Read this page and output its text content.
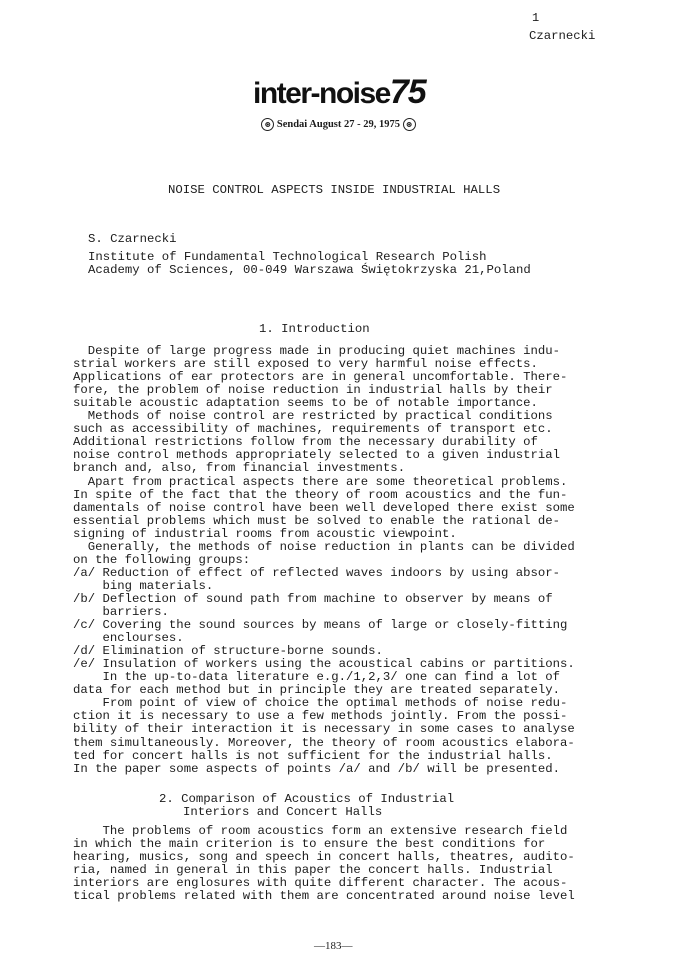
1
Czarnecki
inter-noise75

⊛ Sendai August 27 - 29, 1975 ⊛

NOISE CONTROL ASPECTS INSIDE INDUSTRIAL HALLS
S. Czarnecki
Institute of Fundamental Technological Research Polish
Academy of Sciences, 00-049 Warszawa Świętokrzyska 21,Poland
1. Introduction
Despite of large progress made in producing quiet machines indu-
strial workers are still exposed to very harmful noise effects.
Applications of ear protectors are in general uncomfortable. There-
fore, the problem of noise reduction in industrial halls by their
suitable acoustic adaptation seems to be of notable importance.
Methods of noise control are restricted by practical conditions
such as accessibility of machines, requirements of transport etc.
Additional restrictions follow from the necessary durability of
noise control methods appropriately selected to a given industrial
branch and, also, from financial investments.
Apart from practical aspects there are some theoretical problems.
In spite of the fact that the theory of room acoustics and the fun-
damentals of noise control have been well developed there exist some
essential problems which must be solved to enable the rational de-
signing of industrial rooms from acoustic viewpoint.
Generally, the methods of noise reduction in plants can be divided
on the following groups:
/a/ Reduction of effect of reflected waves indoors by using absor-
bing materials.
/b/ Deflection of sound path from machine to observer by means of
barriers.
/c/ Covering the sound sources by means of large or closely-fitting
enclourses.
/d/ Elimination of structure-borne sounds.
/e/ Insulation of workers using the acoustical cabins or partitions.
In the up-to-data literature e.g./1,2,3/ one can find a lot of
data for each method but in principle they are treated separately.
From point of view of choice the optimal methods of noise redu-
ction it is necessary to use a few methods jointly. From the possi-
bility of their interaction it is necessary in some cases to analyse
them simultaneously. Moreover, the theory of room acoustics elabora-
ted for concert halls is not sufficient for the industrial halls.
In the paper some aspects of points /a/ and /b/ will be presented.
2. Comparison of Acoustics of Industrial
Interiors and Concert Halls
The problems of room acoustics form an extensive research field
in which the main criterion is to ensure the best conditions for
hearing, musics, song and speech in concert halls, theatres, audito-
ria, named in general in this paper the concert halls. Industrial
interiors are englosures with quite different character. The acous-
tical problems related with them are concentrated around noise level
—183—
